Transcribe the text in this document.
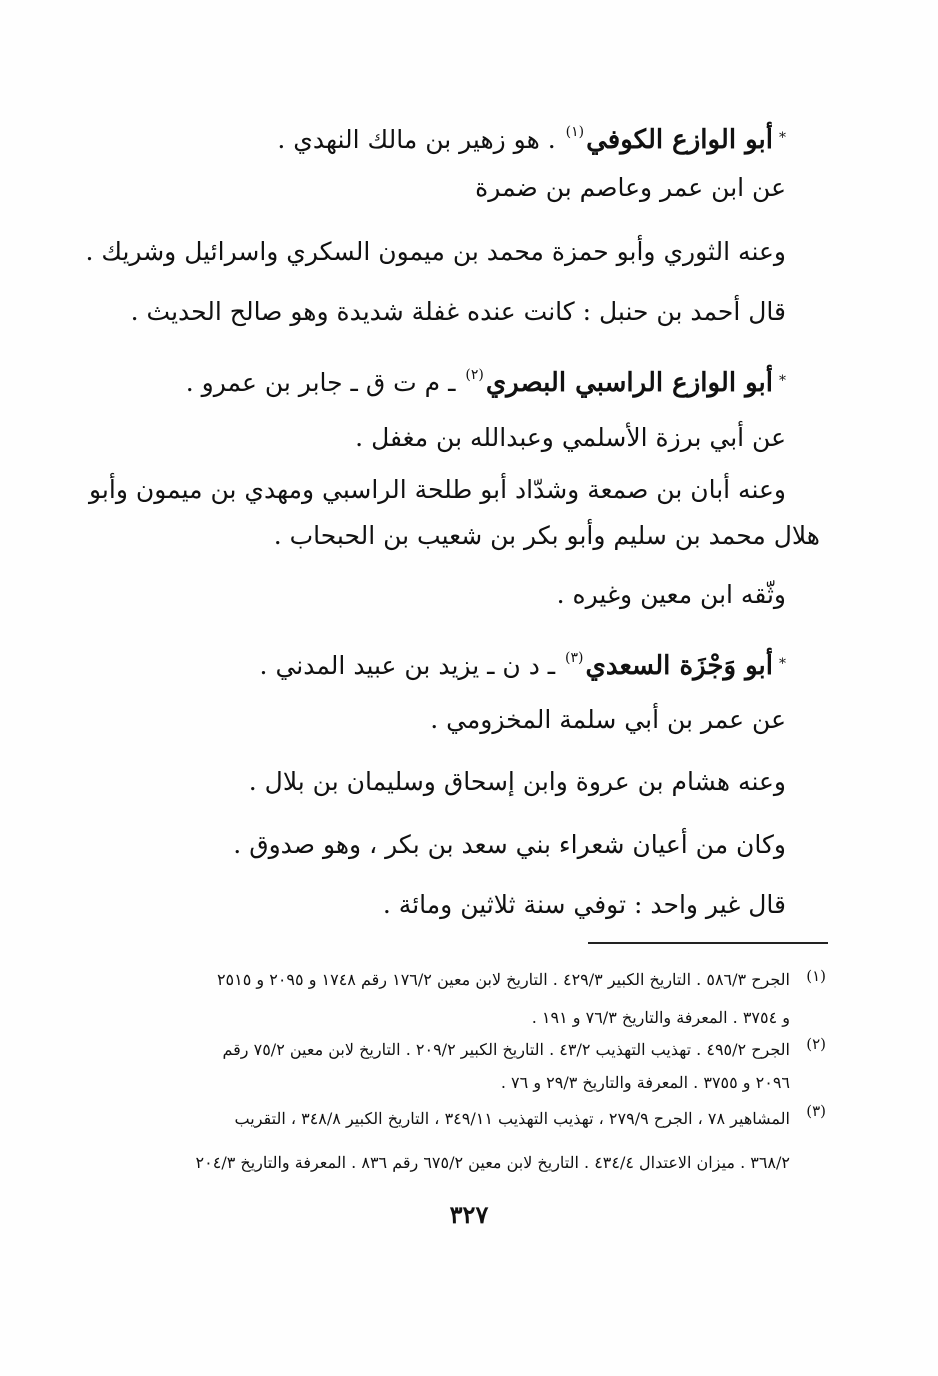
*أبو الوازع الكوفي$^{(١)}$ . هو زهير بن مالك النهدي .
عن ابن عمر وعاصم بن ضمرة
وعنه الثوري وأبو حمزة محمد بن ميمون السكري واسرائيل وشريك .
قال أحمد بن حنبل : كانت عنده غفلة شديدة وهو صالح الحديث .
*أبو الوازع الراسبي البصري$^{(٢)}$ ـ م ت ق ـ جابر بن عمرو .
عن أبي برزة الأسلمي وعبدالله بن مغفل .
وعنه أبان بن صمعة وشدّاد أبو طلحة الراسبي ومهدي بن ميمون وأبو
هلال محمد بن سليم وأبو بكر بن شعيب بن الحبحاب .
وثّقه ابن معين وغيره .
*أبو وَجْزَة السعدي$^{(٣)}$ ـ د ن ـ يزيد بن عبيد المدني .
عن عمر بن أبي سلمة المخزومي .
وعنه هشام بن عروة وابن إسحاق وسليمان بن بلال .
وكان من أعيان شعراء بني سعد بن بكر ، وهو صدوق .
قال غير واحد : توفي سنة ثلاثين ومائة .
(١)
الجرح ٥٨٦/٣ . التاريخ الكبير ٤٢٩/٣ . التاريخ لابن معين ١٧٦/٢ رقم ١٧٤٨ و ٢٠٩٥ و ٢٥١٥
و ٣٧٥٤ . المعرفة والتاريخ ٧٦/٣ و ١٩١ .
(٢)
الجرح ٤٩٥/٢ . تهذيب التهذيب ٤٣/٢ . التاريخ الكبير ٢٠٩/٢ . التاريخ لابن معين ٧٥/٢ رقم
٢٠٩٦ و ٣٧٥٥ . المعرفة والتاريخ ٢٩/٣ و ٧٦ .
(٣)
المشاهير ٧٨ ، الجرح ٢٧٩/٩ ، تهذيب التهذيب ٣٤٩/١١ ، التاريخ الكبير ٣٤٨/٨ ، التقريب
٣٦٨/٢ . ميزان الاعتدال ٤٣٤/٤ . التاريخ لابن معين ٦٧٥/٢ رقم ٨٣٦ . المعرفة والتاريخ ٢٠٤/٣
٣٢٧
